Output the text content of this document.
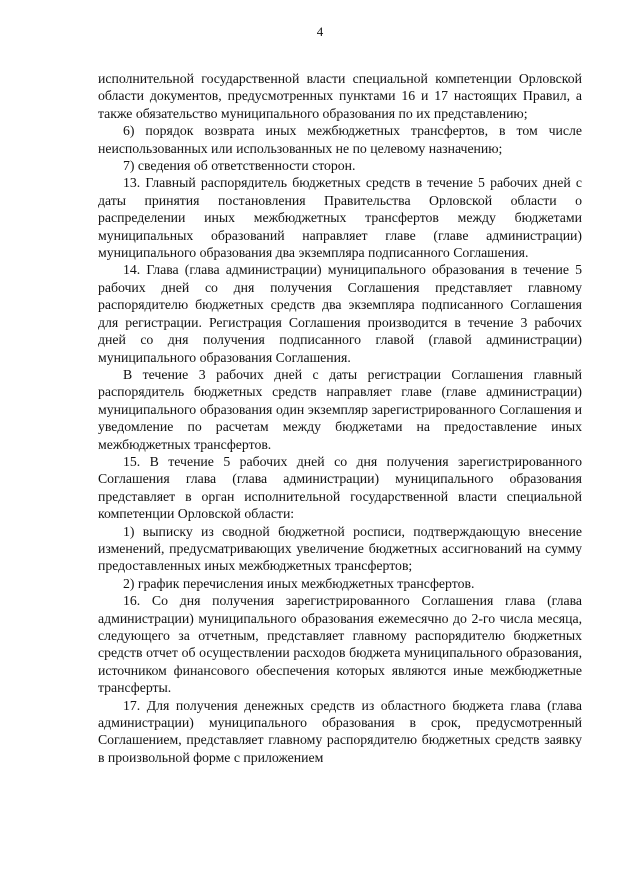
4

исполнительной государственной власти специальной компетенции Орловской области документов, предусмотренных пунктами 16 и 17 настоящих Правил, а также обязательство муниципального образования по их представлению;

6) порядок возврата иных межбюджетных трансфертов, в том числе неиспользованных или использованных не по целевому назначению;

7) сведения об ответственности сторон.

13. Главный распорядитель бюджетных средств в течение 5 рабочих дней с даты принятия постановления Правительства Орловской области о распределении иных межбюджетных трансфертов между бюджетами муниципальных образований направляет главе (главе администрации) муниципального образования два экземпляра подписанного Соглашения.

14. Глава (глава администрации) муниципального образования в течение 5 рабочих дней со дня получения Соглашения представляет главному распорядителю бюджетных средств два экземпляра подписанного Соглашения для регистрации. Регистрация Соглашения производится в течение 3 рабочих дней со дня получения подписанного главой (главой администрации) муниципального образования Соглашения.

В течение 3 рабочих дней с даты регистрации Соглашения главный распорядитель бюджетных средств направляет главе (главе администрации) муниципального образования один экземпляр зарегистрированного Соглашения и уведомление по расчетам между бюджетами на предоставление иных межбюджетных трансфертов.

15. В течение 5 рабочих дней со дня получения зарегистрированного Соглашения глава (глава администрации) муниципального образования представляет в орган исполнительной государственной власти специальной компетенции Орловской области:

1) выписку из сводной бюджетной росписи, подтверждающую внесение изменений, предусматривающих увеличение бюджетных ассигнований на сумму предоставленных иных межбюджетных трансфертов;

2) график перечисления иных межбюджетных трансфертов.

16. Со дня получения зарегистрированного Соглашения глава (глава администрации) муниципального образования ежемесячно до 2-го числа месяца, следующего за отчетным, представляет главному распорядителю бюджетных средств отчет об осуществлении расходов бюджета муниципального образования, источником финансового обеспечения которых являются иные межбюджетные трансферты.

17. Для получения денежных средств из областного бюджета глава (глава администрации) муниципального образования в срок, предусмотренный Соглашением, представляет главному распорядителю бюджетных средств заявку в произвольной форме с приложением
